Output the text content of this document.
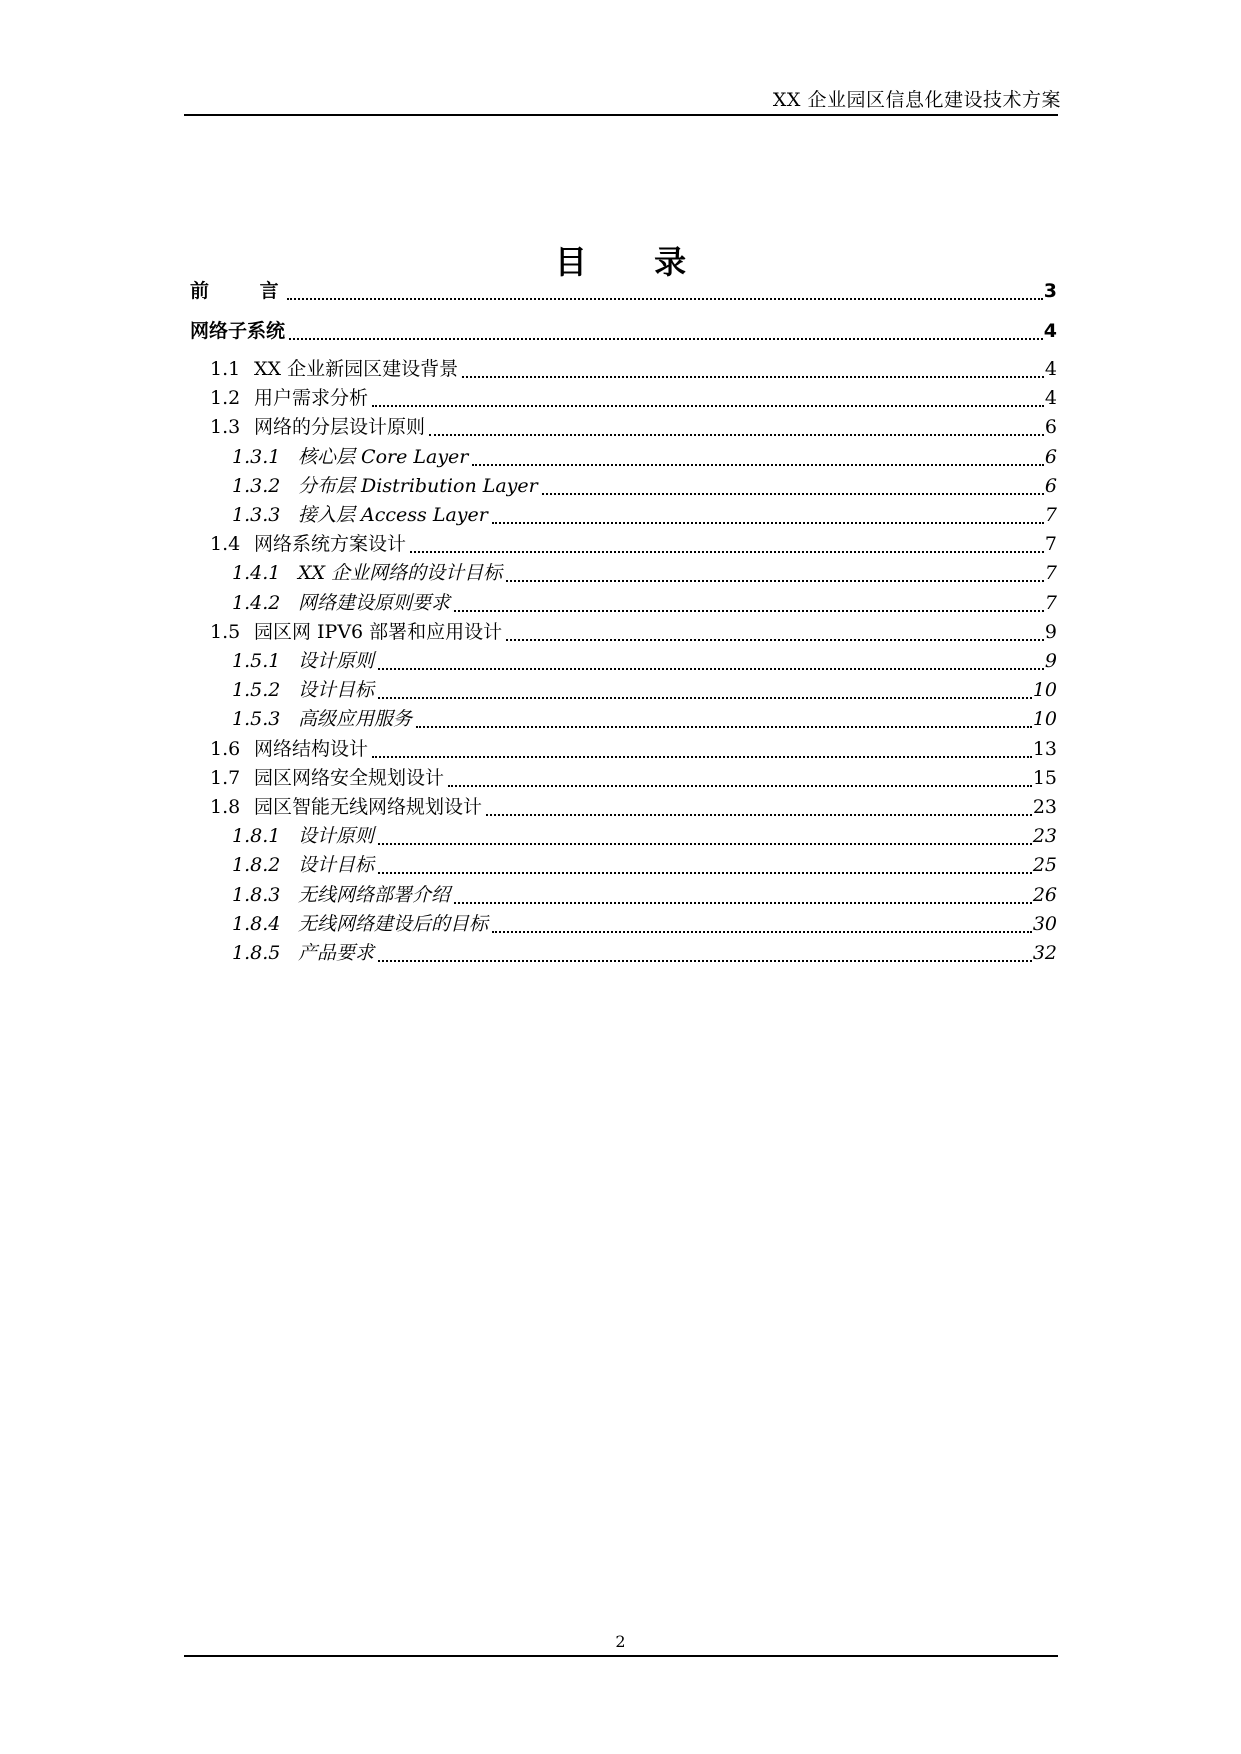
XX 企业园区信息化建设技术方案
目 录
前 言	3
网络子系统	4
1.1 XX 企业新园区建设背景	4
1.2 用户需求分析	4
1.3 网络的分层设计原则	6
1.3.1 核心层 Core Layer	6
1.3.2 分布层 Distribution Layer	6
1.3.3 接入层 Access Layer	7
1.4 网络系统方案设计	7
1.4.1 XX 企业网络的设计目标	7
1.4.2 网络建设原则要求	7
1.5 园区网 IPV6 部署和应用设计	9
1.5.1 设计原则	9
1.5.2 设计目标	10
1.5.3 高级应用服务	10
1.6 网络结构设计	13
1.7 园区网络安全规划设计	15
1.8 园区智能无线网络规划设计	23
1.8.1 设计原则	23
1.8.2 设计目标	25
1.8.3 无线网络部署介绍	26
1.8.4 无线网络建设后的目标	30
1.8.5 产品要求	32
2
